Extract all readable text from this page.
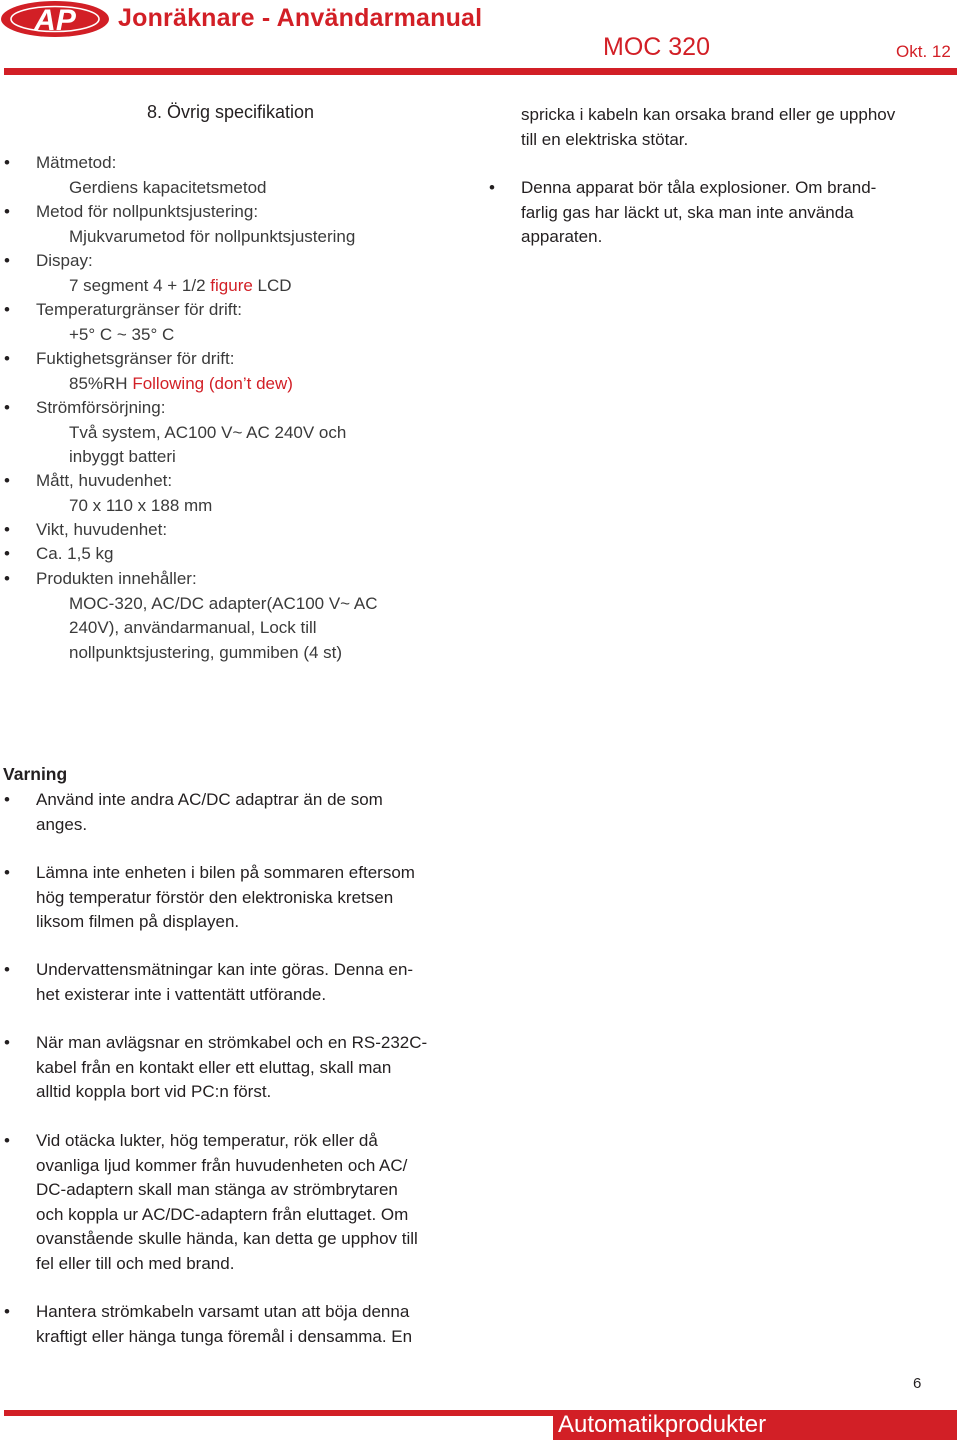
AP Jonräknare - Användarmanual
MOC 320	Okt. 12
8. Övrig specifikation
• Mätmetod:
Gerdiens kapacitetsmetod
• Metod för nollpunktsjustering:
Mjukvarumetod för nollpunktsjustering
• Dispay:
7 segment 4 + 1/2 figure LCD
• Temperaturgränser för drift:
+5° C ~ 35° C
• Fuktighetsgränser för drift:
85%RH Following (don’t dew)
• Strömförsörjning:
Två system, AC100 V~ AC 240V och
inbyggt batteri
• Mått, huvudenhet:
70 x 110 x 188 mm
• Vikt, huvudenhet:
• Ca. 1,5 kg
• Produkten innehåller:
MOC-320, AC/DC adapter(AC100 V~ AC
240V), användarmanual, Lock till
nollpunktsjustering, gummiben (4 st)
spricka i kabeln kan orsaka brand eller ge upphov
till en elektriska stötar.
• Denna apparat bör tåla explosioner. Om brand-
farlig gas har läckt ut, ska man inte använda
apparaten.
Varning
• Använd inte andra AC/DC adaptrar än de som
anges.
• Lämna inte enheten i bilen på sommaren eftersom
hög temperatur förstör den elektroniska kretsen
liksom filmen på displayen.
• Undervattensmätningar kan inte göras. Denna en-
het existerar inte i vattentätt utförande.
• När man avlägsnar en strömkabel och en RS-232C-
kabel från en kontakt eller ett eluttag, skall man
alltid koppla bort vid PC:n först.
• Vid otäcka lukter, hög temperatur, rök eller då
ovanliga ljud kommer från huvudenheten och AC/
DC-adaptern skall man stänga av strömbrytaren
och koppla ur AC/DC-adaptern från eluttaget. Om
ovanstående skulle hända, kan detta ge upphov till
fel eller till och med brand.
• Hantera strömkabeln varsamt utan att böja denna
kraftigt eller hänga tunga föremål i densamma. En
6
Automatikprodukter
